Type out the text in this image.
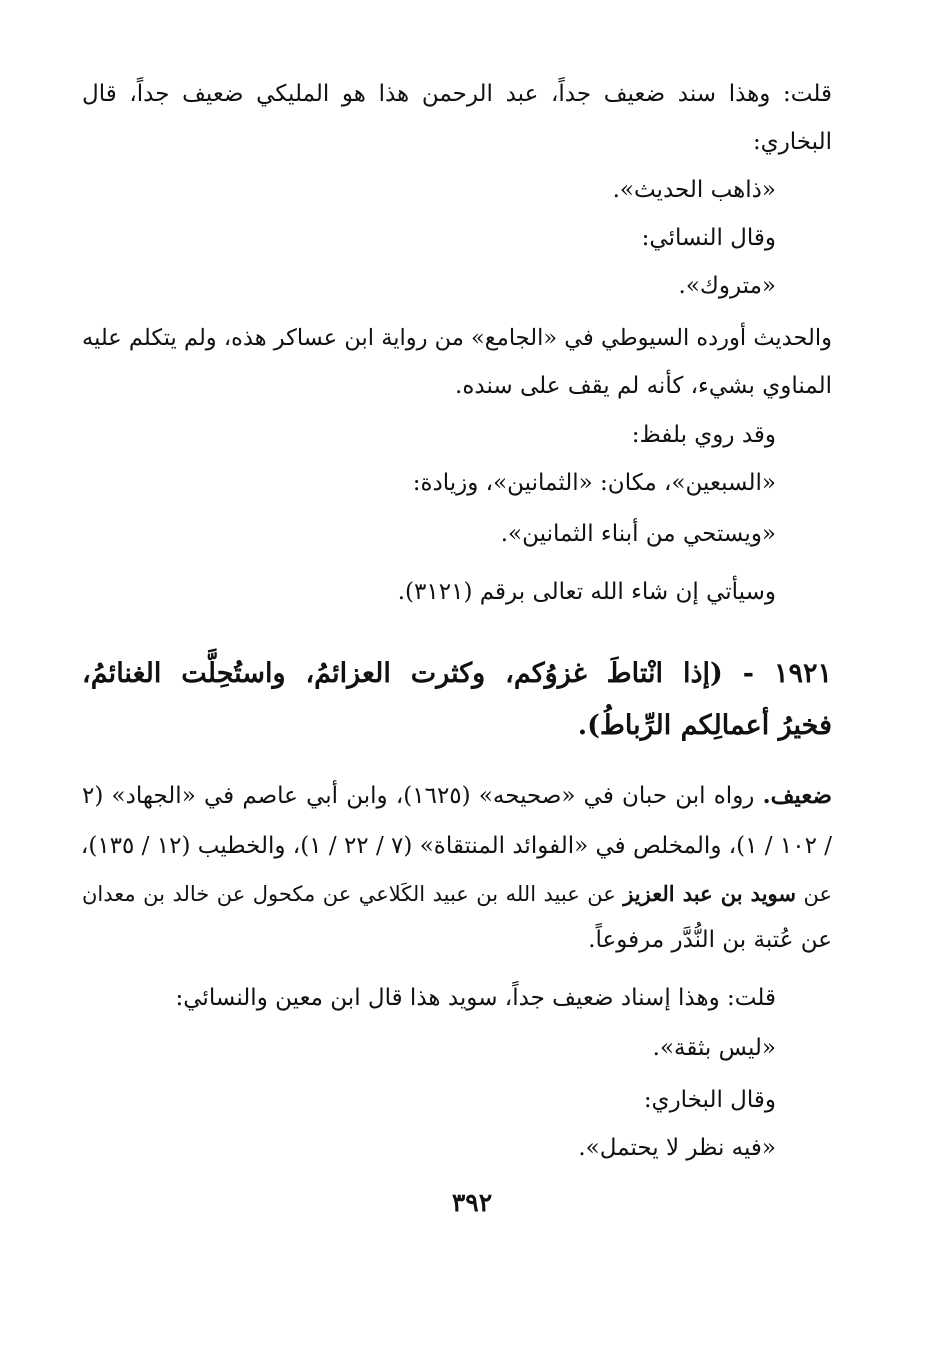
قلت: وهذا سند ضعيف جداً، عبد الرحمن هذا هو المليكي ضعيف جداً، قال

البخاري:

«ذاهب الحديث».

وقال النسائي:

«متروك».

والحديث أورده السيوطي في «الجامع» من رواية ابن عساكر هذه، ولم يتكلم عليه

المناوي بشيء، كأنه لم يقف على سنده.

وقد روي بلفظ:

«السبعين»، مكان: «الثمانين»، وزيادة:

«ويستحي من أبناء الثمانين».

وسيأتي إن شاء الله تعالى برقم (٣١٢١).

١٩٢١ - (إذا انْتاطَ غزوُكم، وكثرت العزائمُ، واستُحِلَّت الغنائمُ،

فخيرُ أعمالِكم الرِّباطُ).

ضعيف. رواه ابن حبان في «صحيحه» (١٦٢٥)، وابن أبي عاصم في «الجهاد» (٢

/ ١٠٢ / ١)، والمخلص في «الفوائد المنتقاة» (٧ / ٢٢ / ١)، والخطيب (١٢ / ١٣٥)،

عن سويد بن عبد العزيز عن عبيد الله بن عبيد الكَلاعي عن مكحول عن خالد بن معدان

عن عُتبة بن النُّدَّر مرفوعاً.

قلت: وهذا إسناد ضعيف جداً، سويد هذا قال ابن معين والنسائي:

«ليس بثقة».

وقال البخاري:

«فيه نظر لا يحتمل».

٣٩٢
